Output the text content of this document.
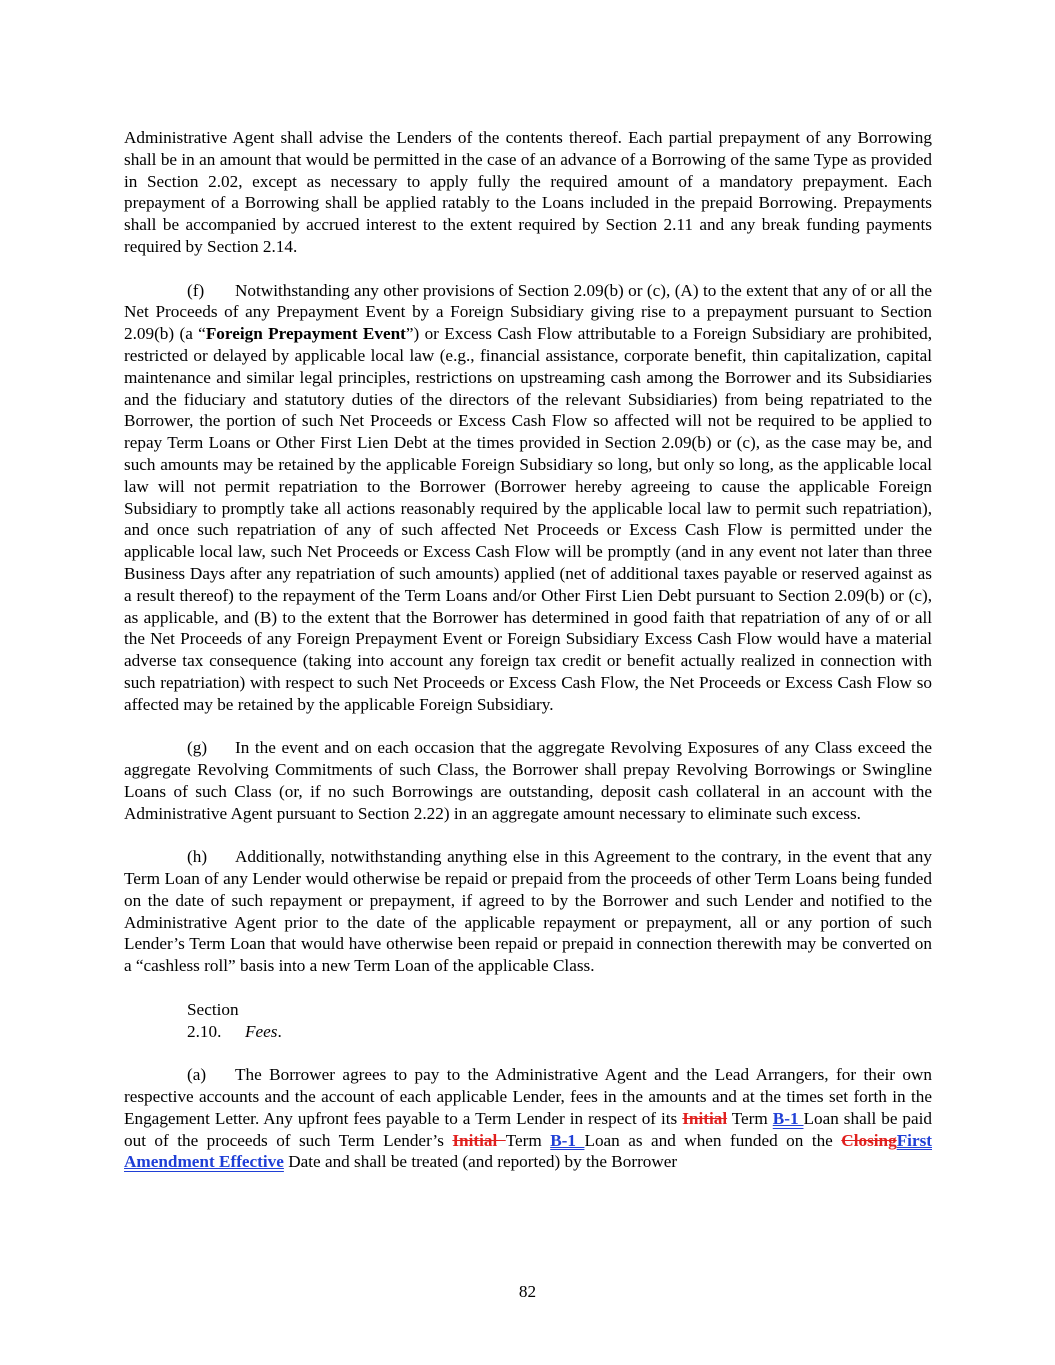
Administrative Agent shall advise the Lenders of the contents thereof. Each partial prepayment of any Borrowing shall be in an amount that would be permitted in the case of an advance of a Borrowing of the same Type as provided in Section 2.02, except as necessary to apply fully the required amount of a mandatory prepayment. Each prepayment of a Borrowing shall be applied ratably to the Loans included in the prepaid Borrowing. Prepayments shall be accompanied by accrued interest to the extent required by Section 2.11 and any break funding payments required by Section 2.14.

(f) Notwithstanding any other provisions of Section 2.09(b) or (c), (A) to the extent that any of or all the Net Proceeds of any Prepayment Event by a Foreign Subsidiary giving rise to a prepayment pursuant to Section 2.09(b) (a “Foreign Prepayment Event”) or Excess Cash Flow attributable to a Foreign Subsidiary are prohibited, restricted or delayed by applicable local law (e.g., financial assistance, corporate benefit, thin capitalization, capital maintenance and similar legal principles, restrictions on upstreaming cash among the Borrower and its Subsidiaries and the fiduciary and statutory duties of the directors of the relevant Subsidiaries) from being repatriated to the Borrower, the portion of such Net Proceeds or Excess Cash Flow so affected will not be required to be applied to repay Term Loans or Other First Lien Debt at the times provided in Section 2.09(b) or (c), as the case may be, and such amounts may be retained by the applicable Foreign Subsidiary so long, but only so long, as the applicable local law will not permit repatriation to the Borrower (Borrower hereby agreeing to cause the applicable Foreign Subsidiary to promptly take all actions reasonably required by the applicable local law to permit such repatriation), and once such repatriation of any of such affected Net Proceeds or Excess Cash Flow is permitted under the applicable local law, such Net Proceeds or Excess Cash Flow will be promptly (and in any event not later than three Business Days after any repatriation of such amounts) applied (net of additional taxes payable or reserved against as a result thereof) to the repayment of the Term Loans and/or Other First Lien Debt pursuant to Section 2.09(b) or (c), as applicable, and (B) to the extent that the Borrower has determined in good faith that repatriation of any of or all the Net Proceeds of any Foreign Prepayment Event or Foreign Subsidiary Excess Cash Flow would have a material adverse tax consequence (taking into account any foreign tax credit or benefit actually realized in connection with such repatriation) with respect to such Net Proceeds or Excess Cash Flow, the Net Proceeds or Excess Cash Flow so affected may be retained by the applicable Foreign Subsidiary.

(g) In the event and on each occasion that the aggregate Revolving Exposures of any Class exceed the aggregate Revolving Commitments of such Class, the Borrower shall prepay Revolving Borrowings or Swingline Loans of such Class (or, if no such Borrowings are outstanding, deposit cash collateral in an account with the Administrative Agent pursuant to Section 2.22) in an aggregate amount necessary to eliminate such excess.

(h) Additionally, notwithstanding anything else in this Agreement to the contrary, in the event that any Term Loan of any Lender would otherwise be repaid or prepaid from the proceeds of other Term Loans being funded on the date of such repayment or prepayment, if agreed to by the Borrower and such Lender and notified to the Administrative Agent prior to the date of the applicable repayment or prepayment, all or any portion of such Lender’s Term Loan that would have otherwise been repaid or prepaid in connection therewith may be converted on a “cashless roll” basis into a new Term Loan of the applicable Class.

Section 2.10. Fees.

(a) The Borrower agrees to pay to the Administrative Agent and the Lead Arrangers, for their own respective accounts and the account of each applicable Lender, fees in the amounts and at the times set forth in the Engagement Letter. Any upfront fees payable to a Term Lender in respect of its Initial Term B-1 Loan shall be paid out of the proceeds of such Term Lender’s Initial Term B-1 Loan as and when funded on the ClosingFirst Amendment Effective Date and shall be treated (and reported) by the Borrower

82
